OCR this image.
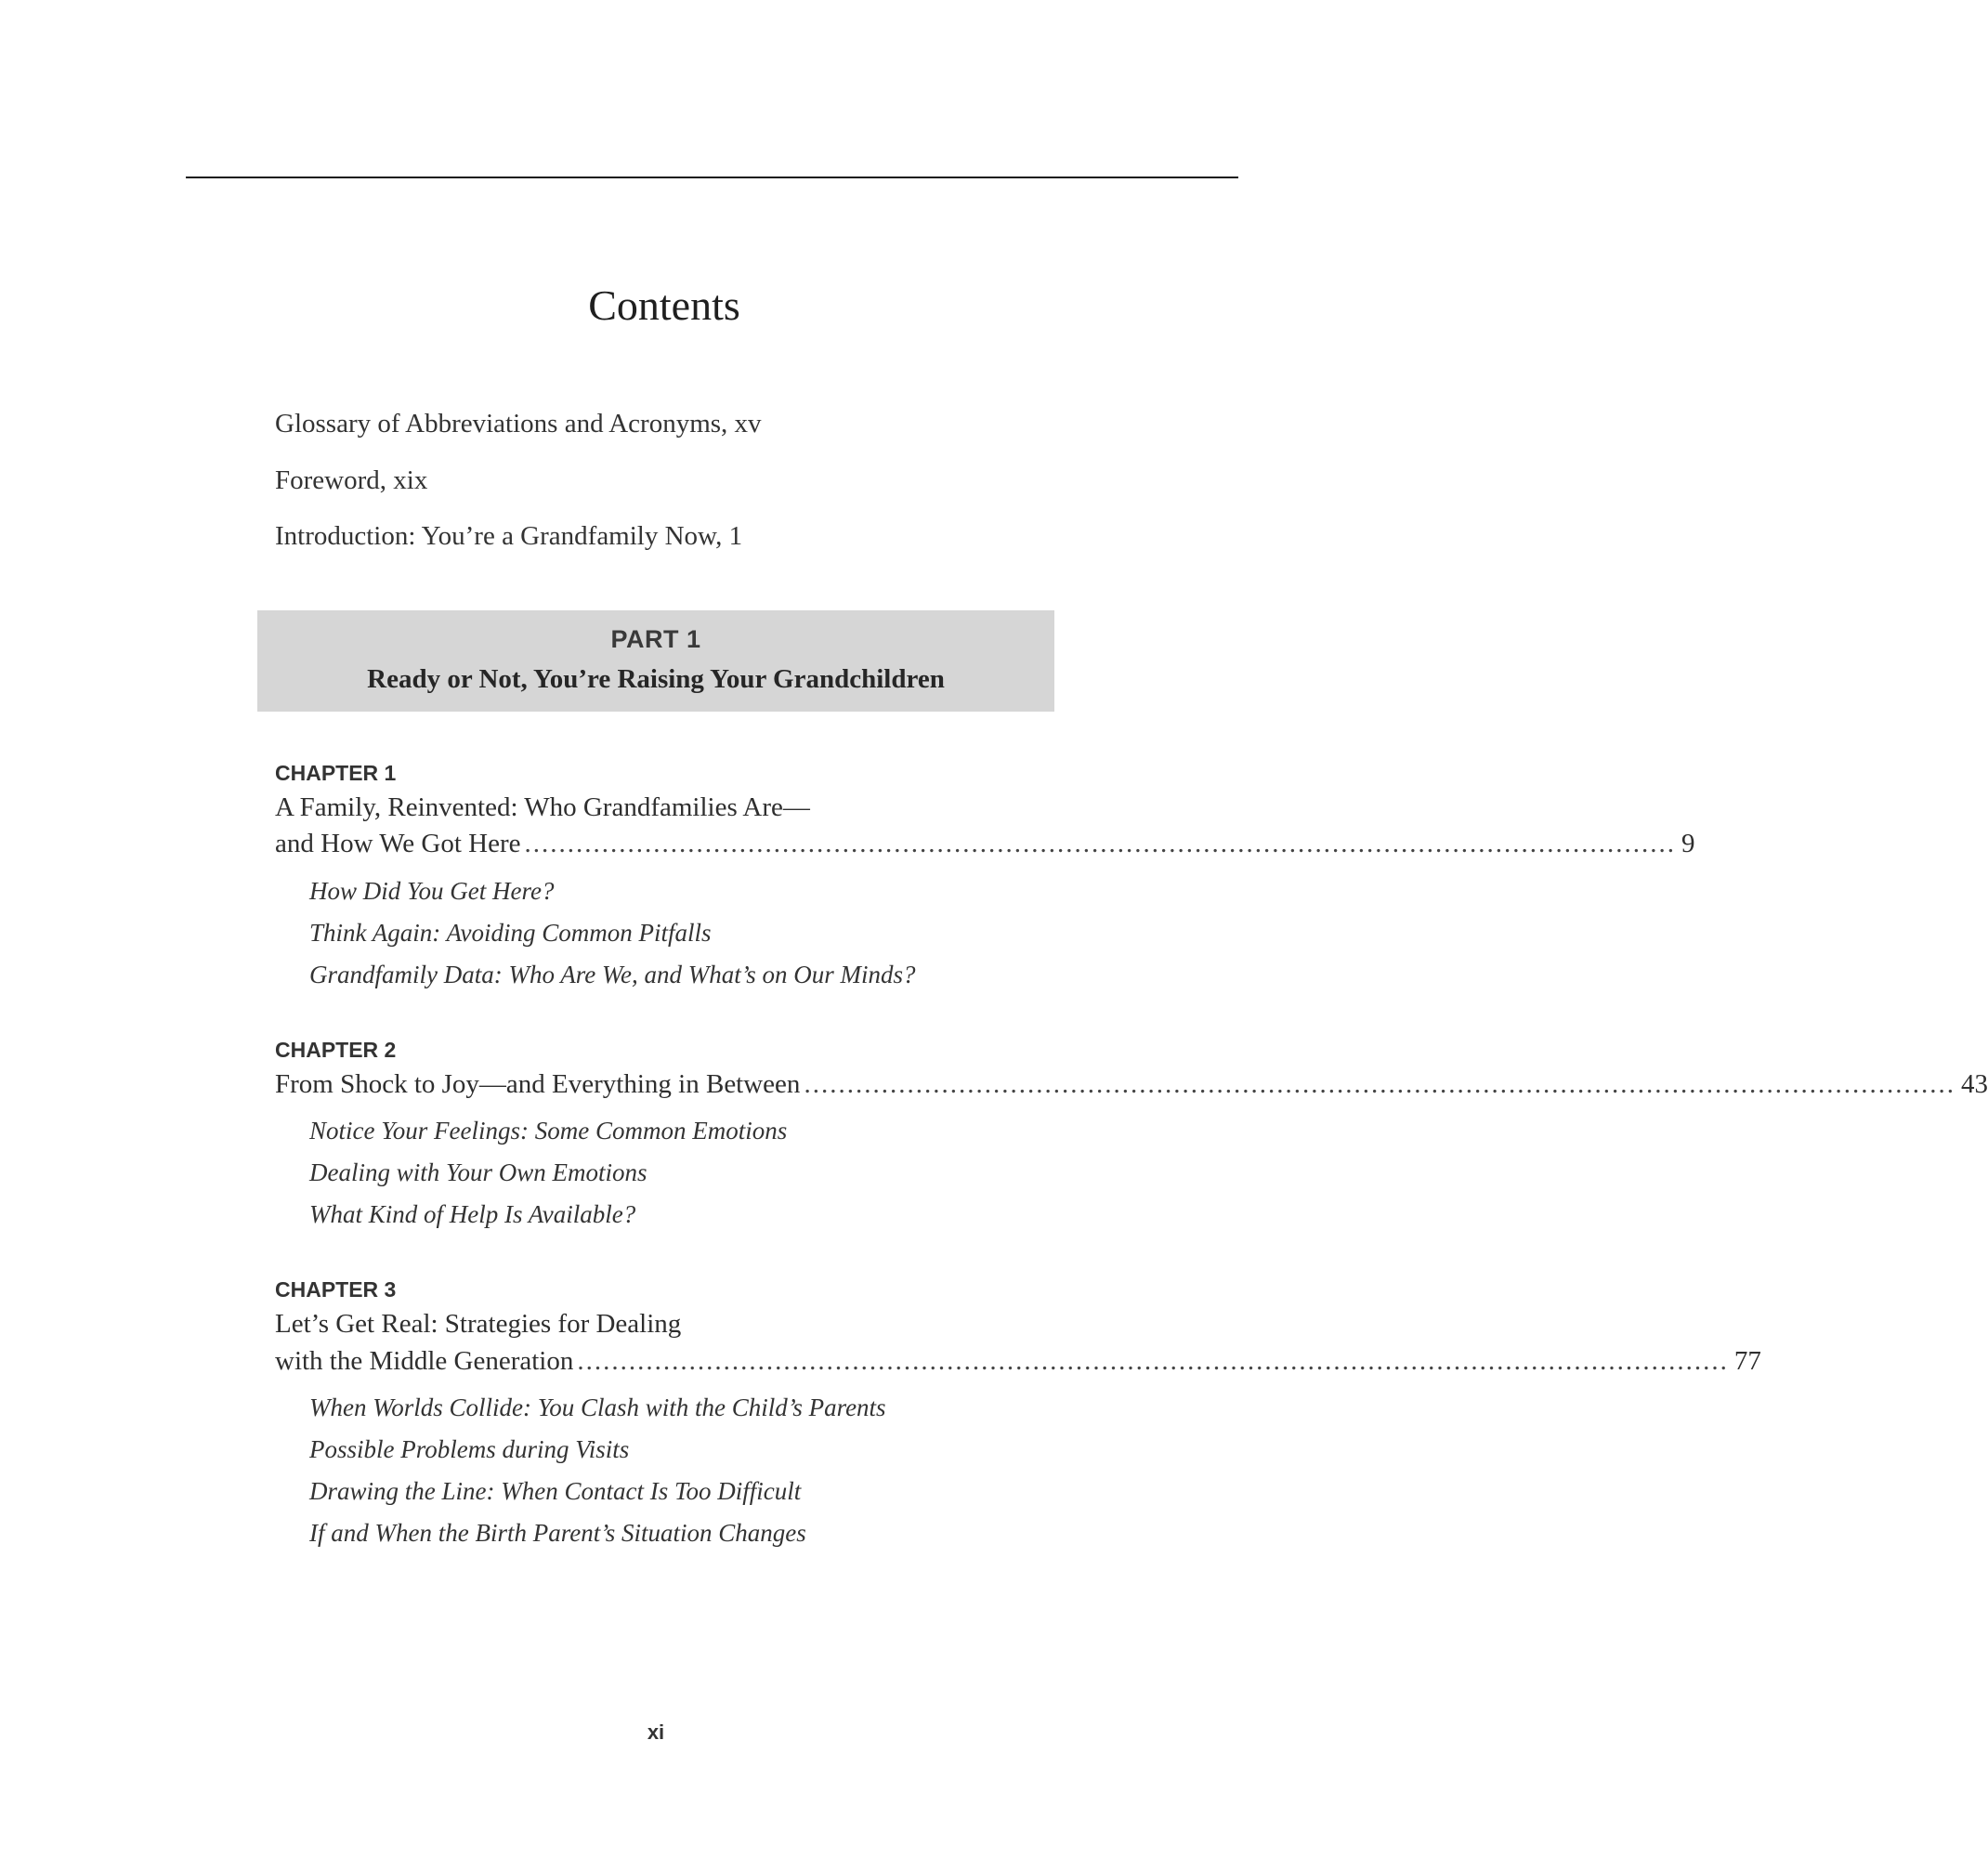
Contents
Glossary of Abbreviations and Acronyms, xv
Foreword, xix
Introduction: You’re a Grandfamily Now, 1
PART 1
Ready or Not, You’re Raising Your Grandchildren
CHAPTER 1
A Family, Reinvented: Who Grandfamilies Are—
and How We Got Here ...................................................................................................................................... 9
How Did You Get Here?
Think Again: Avoiding Common Pitfalls
Grandfamily Data: Who Are We, and What’s on Our Minds?
CHAPTER 2
From Shock to Joy—and Everything in Between ...................................................................................................................................... 43
Notice Your Feelings: Some Common Emotions
Dealing with Your Own Emotions
What Kind of Help Is Available?
CHAPTER 3
Let’s Get Real: Strategies for Dealing
with the Middle Generation ...................................................................................................................................... 77
When Worlds Collide: You Clash with the Child’s Parents
Possible Problems during Visits
Drawing the Line: When Contact Is Too Difficult
If and When the Birth Parent’s Situation Changes
xi
